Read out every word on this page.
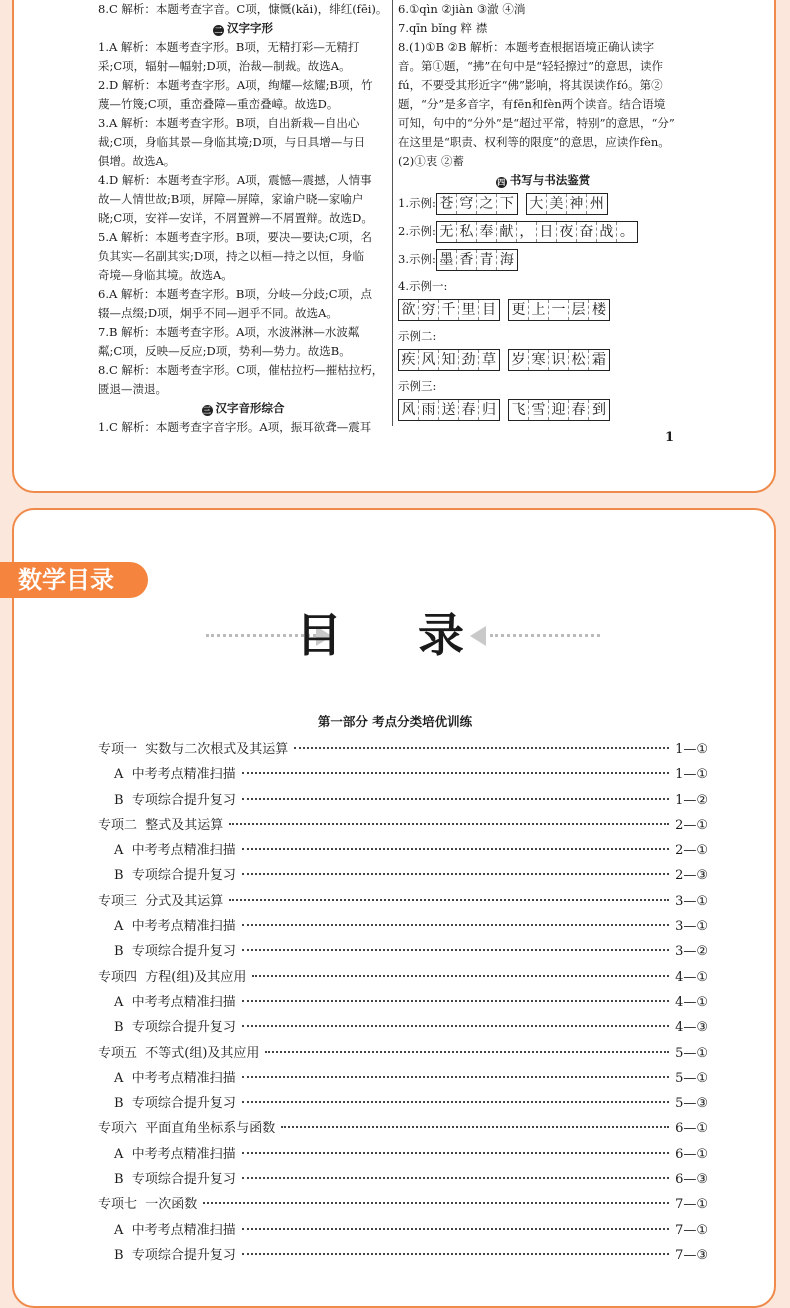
8.C 解析：本题考查字音。C项，慷慨(kǎi)，绯红(fēi)。
二 汉字字形
1.A 解析：本题考查字形。B项，无精打彩—无精打
采;C项，辐射—幅射;D项，治裁—制裁。故选A。
2.D 解析：本题考查字形。A项，绚耀—炫耀;B项，竹
蔑—竹篾;C项，重峦叠障—重峦叠嶂。故选D。
3.A 解析：本题考查字形。B项，自出新栽—自出心
裁;C项，身临其景—身临其境;D项，与日具增—与日
俱增。故选A。
4.D 解析：本题考查字形。A项，震憾—震撼，人情事
故—人情世故;B项，屏障—屏障，家谕户晓—家喻户
晓;C项，安祥—安详，不屑置辨—不屑置辩。故选D。
5.A 解析：本题考查字形。B项，要决—要诀;C项，名
负其实—名副其实;D项，持之以桓—持之以恒，身临
奇境—身临其境。故选A。
6.A 解析：本题考查字形。B项，分岐—分歧;C项，点
辍—点缀;D项，炯乎不同—迥乎不同。故选A。
7.B 解析：本题考查字形。A项，水波淋淋—水波粼
粼;C项，反映—反应;D项，势利—势力。故选B。
8.C 解析：本题考查字形。C项，催枯拉朽—摧枯拉朽，
匮退—溃退。
三 汉字音形综合
1.C 解析：本题考查字音字形。A项，振耳欲聋—震耳
6.①qìn ②jiàn ③澈 ④淌
7.qīn bǐng 粹 襟
8.(1)①B ②B 解析：本题考查根据语境正确认读字
音。第①题，“拂”在句中是“轻轻擦过”的意思，读作
fú，不要受其形近字“佛”影响，将其误读作fó。第②
题，“分”是多音字，有fēn和fèn两个读音。结合语境
可知，句中的“分外”是“超过平常，特别”的意思，“分”
在这里是“职责、权利等的限度”的意思，应读作fèn。
(2)①衷 ②蓄
四 书写与书法鉴赏
1.示例: 苍 穹 之 下 大 美 神 州
2.示例: 无 私 奉 献 ， 日 夜 奋 战 。
3.示例: 墨 香 青 海
4.示例一:
欲 穷 千 里 目 更 上 一 层 楼
示例二:
疾 风 知 劲 草 岁 寒 识 松 霜
示例三:
风 雨 送 春 归 飞 雪 迎 春 到
1
数学目录
目 录
第一部分 考点分类培优训练
专项一  实数与二次根式及其运算	1—①
A  中考考点精准扫描	1—①
B  专项综合提升复习	1—②
专项二  整式及其运算	2—①
A  中考考点精准扫描	2—①
B  专项综合提升复习	2—③
专项三  分式及其运算	3—①
A  中考考点精准扫描	3—①
B  专项综合提升复习	3—②
专项四  方程(组)及其应用	4—①
A  中考考点精准扫描	4—①
B  专项综合提升复习	4—③
专项五  不等式(组)及其应用	5—①
A  中考考点精准扫描	5—①
B  专项综合提升复习	5—③
专项六  平面直角坐标系与函数	6—①
A  中考考点精准扫描	6—①
B  专项综合提升复习	6—③
专项七  一次函数	7—①
A  中考考点精准扫描	7—①
B  专项综合提升复习	7—③
